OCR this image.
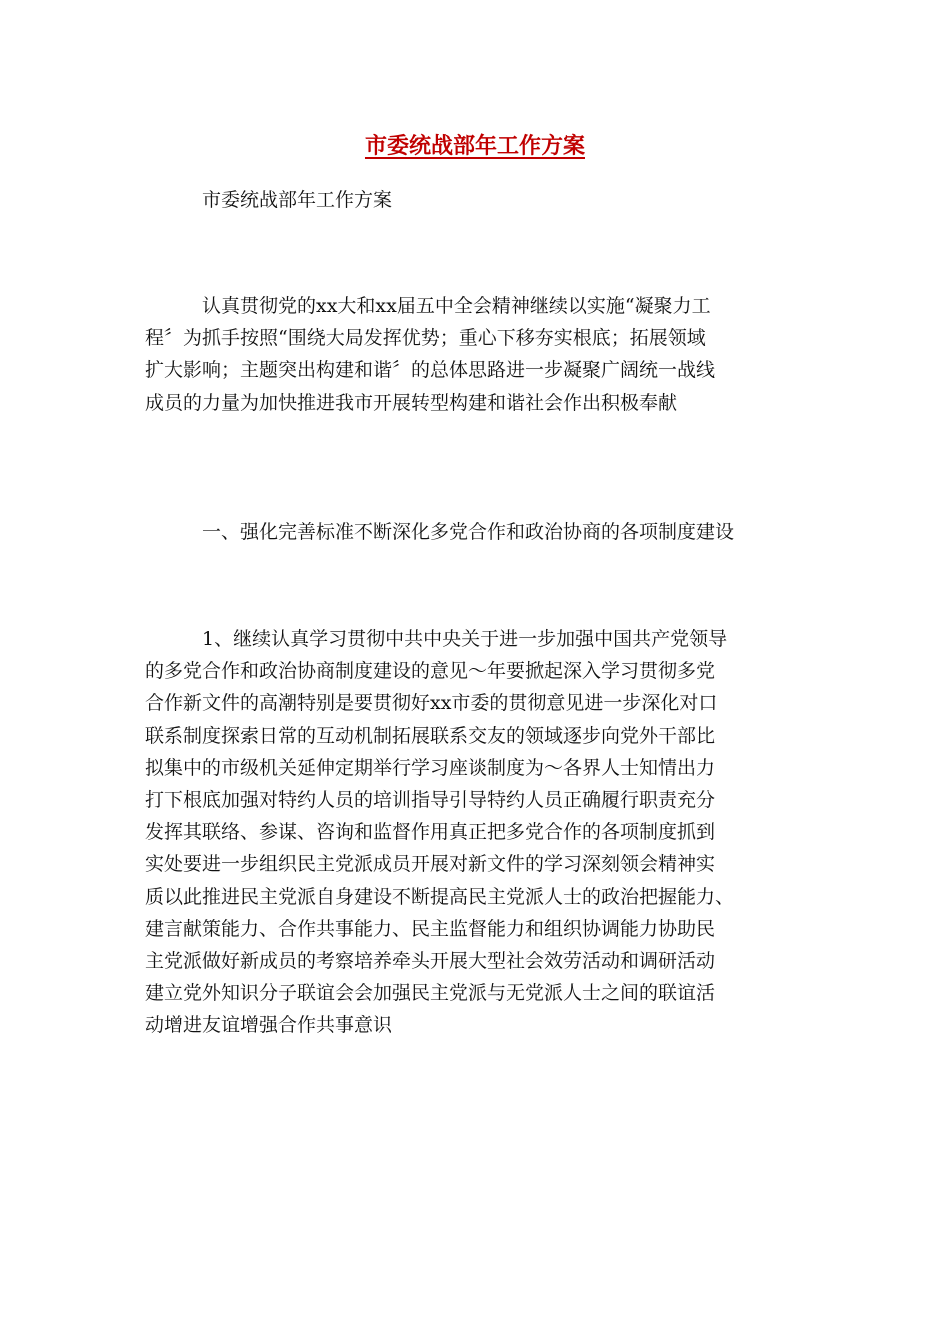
市委统战部年工作方案
市委统战部年工作方案
认真贯彻党的xx大和xx届五中全会精神继续以实施“凝聚力工
程〞为抓手按照“围绕大局发挥优势；重心下移夯实根底；拓展领域
扩大影响；主题突出构建和谐〞的总体思路进一步凝聚广阔统一战线
成员的力量为加快推进我市开展转型构建和谐社会作出积极奉献
一、强化完善标准不断深化多党合作和政治协商的各项制度建设
1、继续认真学习贯彻中共中央关于进一步加强中国共产党领导
的多党合作和政治协商制度建设的意见～年要掀起深入学习贯彻多党
合作新文件的高潮特别是要贯彻好xx市委的贯彻意见进一步深化对口
联系制度探索日常的互动机制拓展联系交友的领域逐步向党外干部比
拟集中的市级机关延伸定期举行学习座谈制度为～各界人士知情出力
打下根底加强对特约人员的培训指导引导特约人员正确履行职责充分
发挥其联络、参谋、咨询和监督作用真正把多党合作的各项制度抓到
实处要进一步组织民主党派成员开展对新文件的学习深刻领会精神实
质以此推进民主党派自身建设不断提高民主党派人士的政治把握能力、
建言献策能力、合作共事能力、民主监督能力和组织协调能力协助民
主党派做好新成员的考察培养牵头开展大型社会效劳活动和调研活动
建立党外知识分子联谊会会加强民主党派与无党派人士之间的联谊活
动增进友谊增强合作共事意识
